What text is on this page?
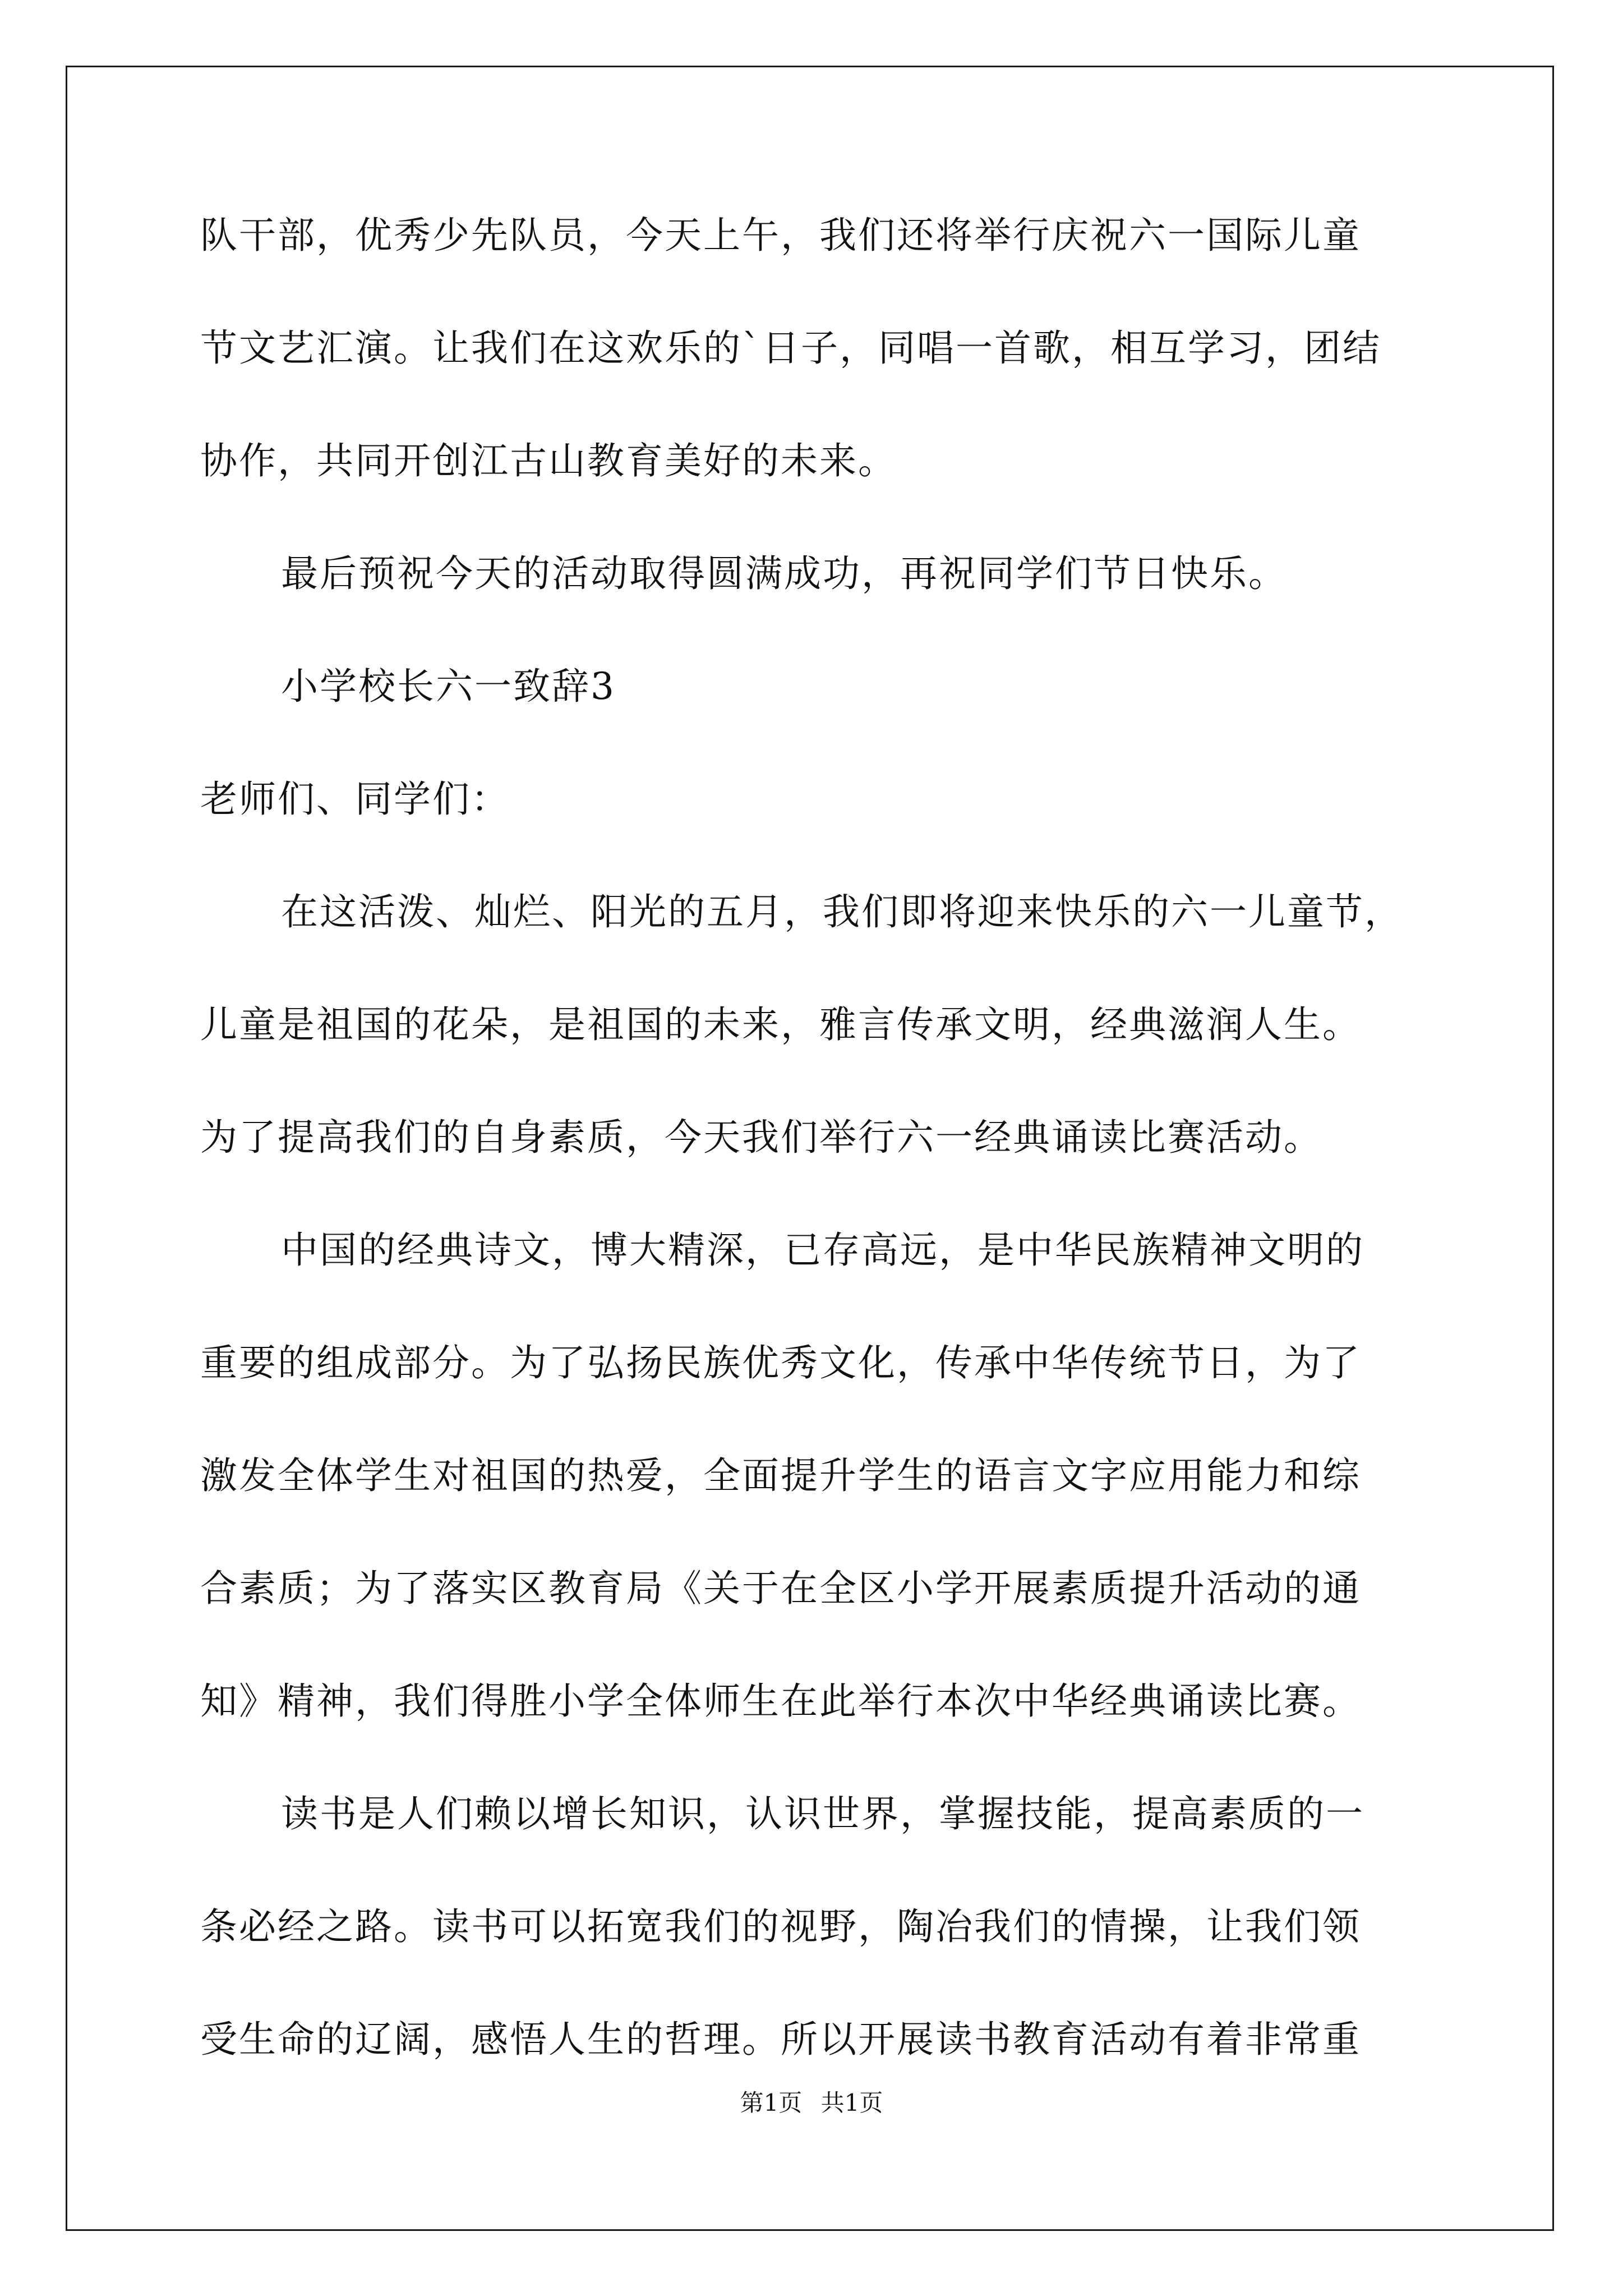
队干部，优秀少先队员，今天上午，我们还将举行庆祝六一国际儿童
节文艺汇演。让我们在这欢乐的`日子，同唱一首歌，相互学习，团结
协作，共同开创江古山教育美好的未来。
最后预祝今天的活动取得圆满成功，再祝同学们节日快乐。
小学校长六一致辞3
老师们、同学们：
在这活泼、灿烂、阳光的五月，我们即将迎来快乐的六一儿童节，
儿童是祖国的花朵，是祖国的未来，雅言传承文明，经典滋润人生。
为了提高我们的自身素质，今天我们举行六一经典诵读比赛活动。
中国的经典诗文，博大精深，已存高远，是中华民族精神文明的
重要的组成部分。为了弘扬民族优秀文化，传承中华传统节日，为了
激发全体学生对祖国的热爱，全面提升学生的语言文字应用能力和综
合素质；为了落实区教育局《关于在全区小学开展素质提升活动的通
知》精神，我们得胜小学全体师生在此举行本次中华经典诵读比赛。
读书是人们赖以增长知识，认识世界，掌握技能，提高素质的一
条必经之路。读书可以拓宽我们的视野，陶冶我们的情操，让我们领
受生命的辽阔，感悟人生的哲理。所以开展读书教育活动有着非常重
第1页 共1页
